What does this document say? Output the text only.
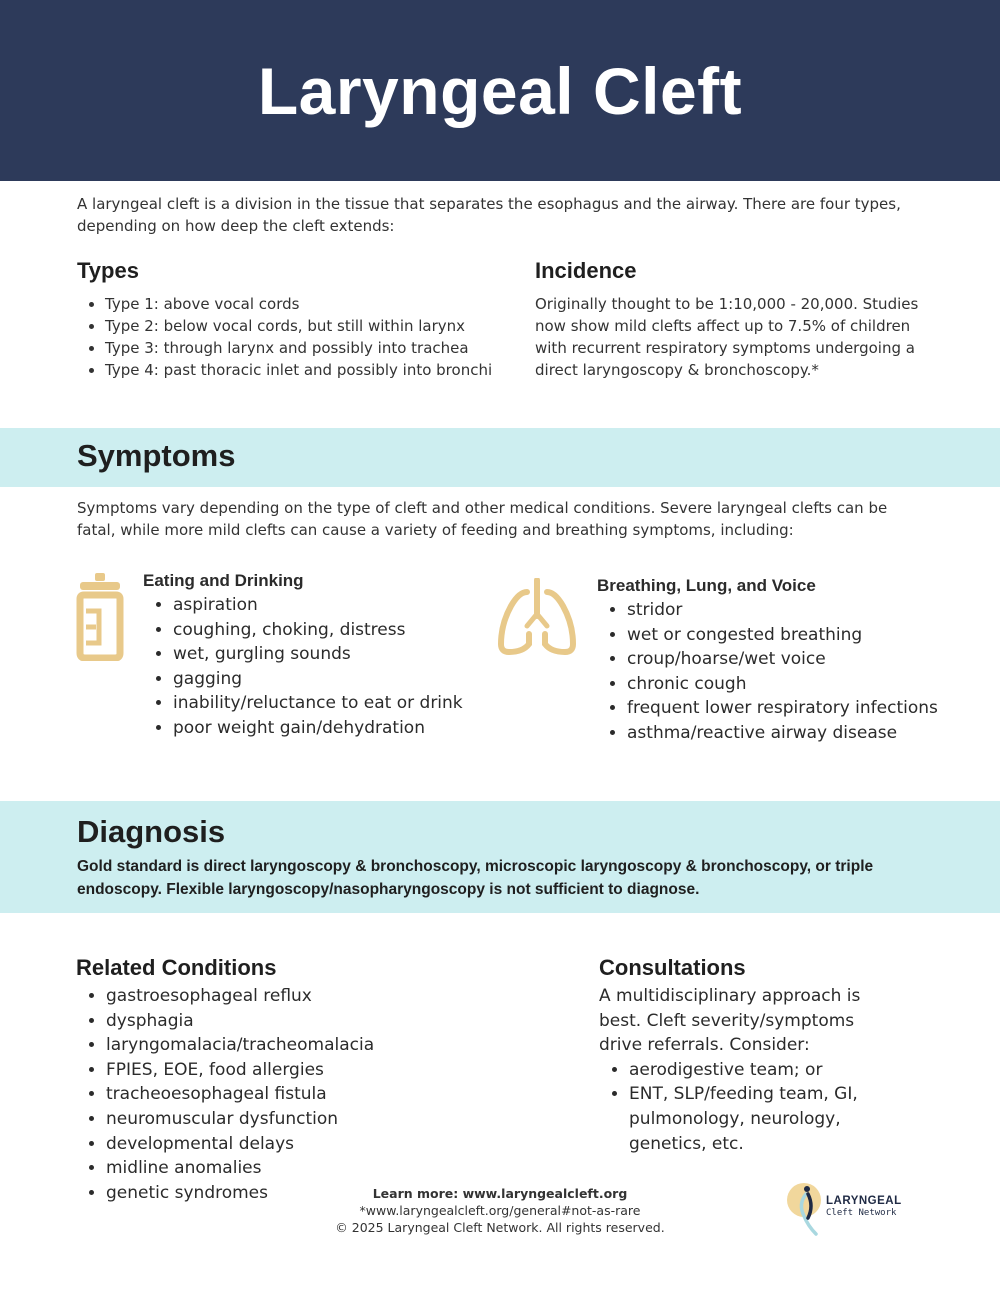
Laryngeal Cleft
A laryngeal cleft is a division in the tissue that separates the esophagus and the airway. There are four types, depending on how deep the cleft extends:
Types
• Type 1: above vocal cords
• Type 2: below vocal cords, but still within larynx
• Type 3: through larynx and possibly into trachea
• Type 4: past thoracic inlet and possibly into bronchi
Incidence
Originally thought to be 1:10,000 - 20,000. Studies now show mild clefts affect up to 7.5% of children with recurrent respiratory symptoms undergoing a direct laryngoscopy & bronchoscopy.*
Symptoms
Symptoms vary depending on the type of cleft and other medical conditions. Severe laryngeal clefts can be fatal, while more mild clefts can cause a variety of feeding and breathing symptoms, including:
Eating and Drinking
• aspiration
• coughing, choking, distress
• wet, gurgling sounds
• gagging
• inability/reluctance to eat or drink
• poor weight gain/dehydration
Breathing, Lung, and Voice
• stridor
• wet or congested breathing
• croup/hoarse/wet voice
• chronic cough
• frequent lower respiratory infections
• asthma/reactive airway disease
Diagnosis
Gold standard is direct laryngoscopy & bronchoscopy, microscopic laryngoscopy & bronchoscopy, or triple endoscopy. Flexible laryngoscopy/nasopharyngoscopy is not sufficient to diagnose.
Related Conditions
• gastroesophageal reflux
• dysphagia
• laryngomalacia/tracheomalacia
• FPIES, EOE, food allergies
• tracheoesophageal fistula
• neuromuscular dysfunction
• developmental delays
• midline anomalies
• genetic syndromes
Consultations
A multidisciplinary approach is best. Cleft severity/symptoms drive referrals. Consider:
• aerodigestive team; or
• ENT, SLP/feeding team, GI, pulmonology, neurology, genetics, etc.
Learn more: www.laryngealcleft.org
*www.laryngealcleft.org/general#not-as-rare
© 2025 Laryngeal Cleft Network. All rights reserved.
LARYNGEAL
Cleft Network
